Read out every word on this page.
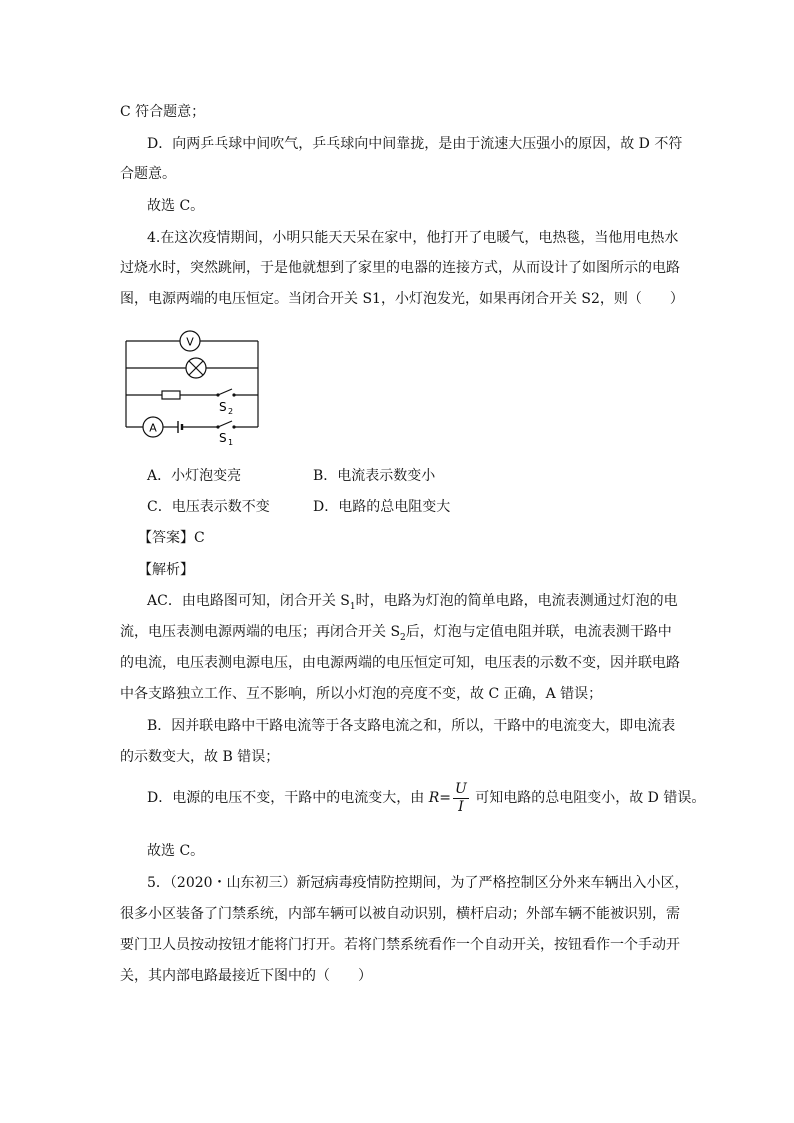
C 符合题意；
D．向两乒乓球中间吹气，乒乓球向中间靠拢，是由于流速大压强小的原因，故 D 不符
合题意。
故选 C。
4.在这次疫情期间，小明只能天天呆在家中，他打开了电暖气，电热毯，当他用电热水
过烧水时，突然跳闸，于是他就想到了家里的电器的连接方式，从而设计了如图所示的电路
图，电源两端的电压恒定。当闭合开关 S1，小灯泡发光，如果再闭合开关 S2，则（　　）
V
A
S 2
S 1
A．小灯泡变亮	B．电流表示数变小
C．电压表示数不变	D．电路的总电阻变大
【答案】C
【解析】
AC．由电路图可知，闭合开关 $S_1$时，电路为灯泡的简单电路，电流表测通过灯泡的电
流，电压表测电源两端的电压；再闭合开关 $S_2$后，灯泡与定值电阻并联，电流表测干路中
的电流，电压表测电源电压，由电源两端的电压恒定可知，电压表的示数不变，因并联电路
中各支路独立工作、互不影响，所以小灯泡的亮度不变，故 C 正确，A 错误；
B．因并联电路中干路电流等于各支路电流之和，所以，干路中的电流变大，即电流表
的示数变大，故 B 错误；
D．电源的电压不变，干路中的电流变大，由 $R= \frac{U}{I}$ 可知电路的总电阻变小，故 D 错误。
故选 C。
5．（2020・山东初三）新冠病毒疫情防控期间，为了严格控制区分外来车辆出入小区，
很多小区装备了门禁系统，内部车辆可以被自动识别，横杆启动；外部车辆不能被识别，需
要门卫人员按动按钮才能将门打开。若将门禁系统看作一个自动开关，按钮看作一个手动开
关，其内部电路最接近下图中的（　　）
